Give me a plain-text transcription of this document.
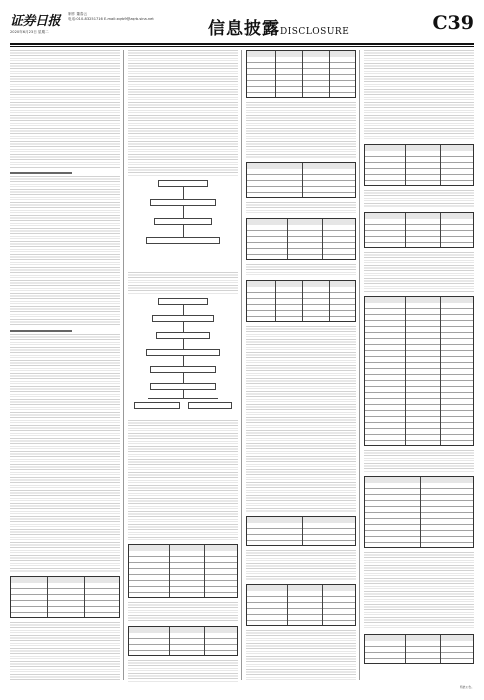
证券日报
2020年6月23日 星期二
制作 董春云
电话:010-83251716 E-mail:zqrb9@zqrb.sina.net	信息披露DISCLOSURE	C39
特此公告。
